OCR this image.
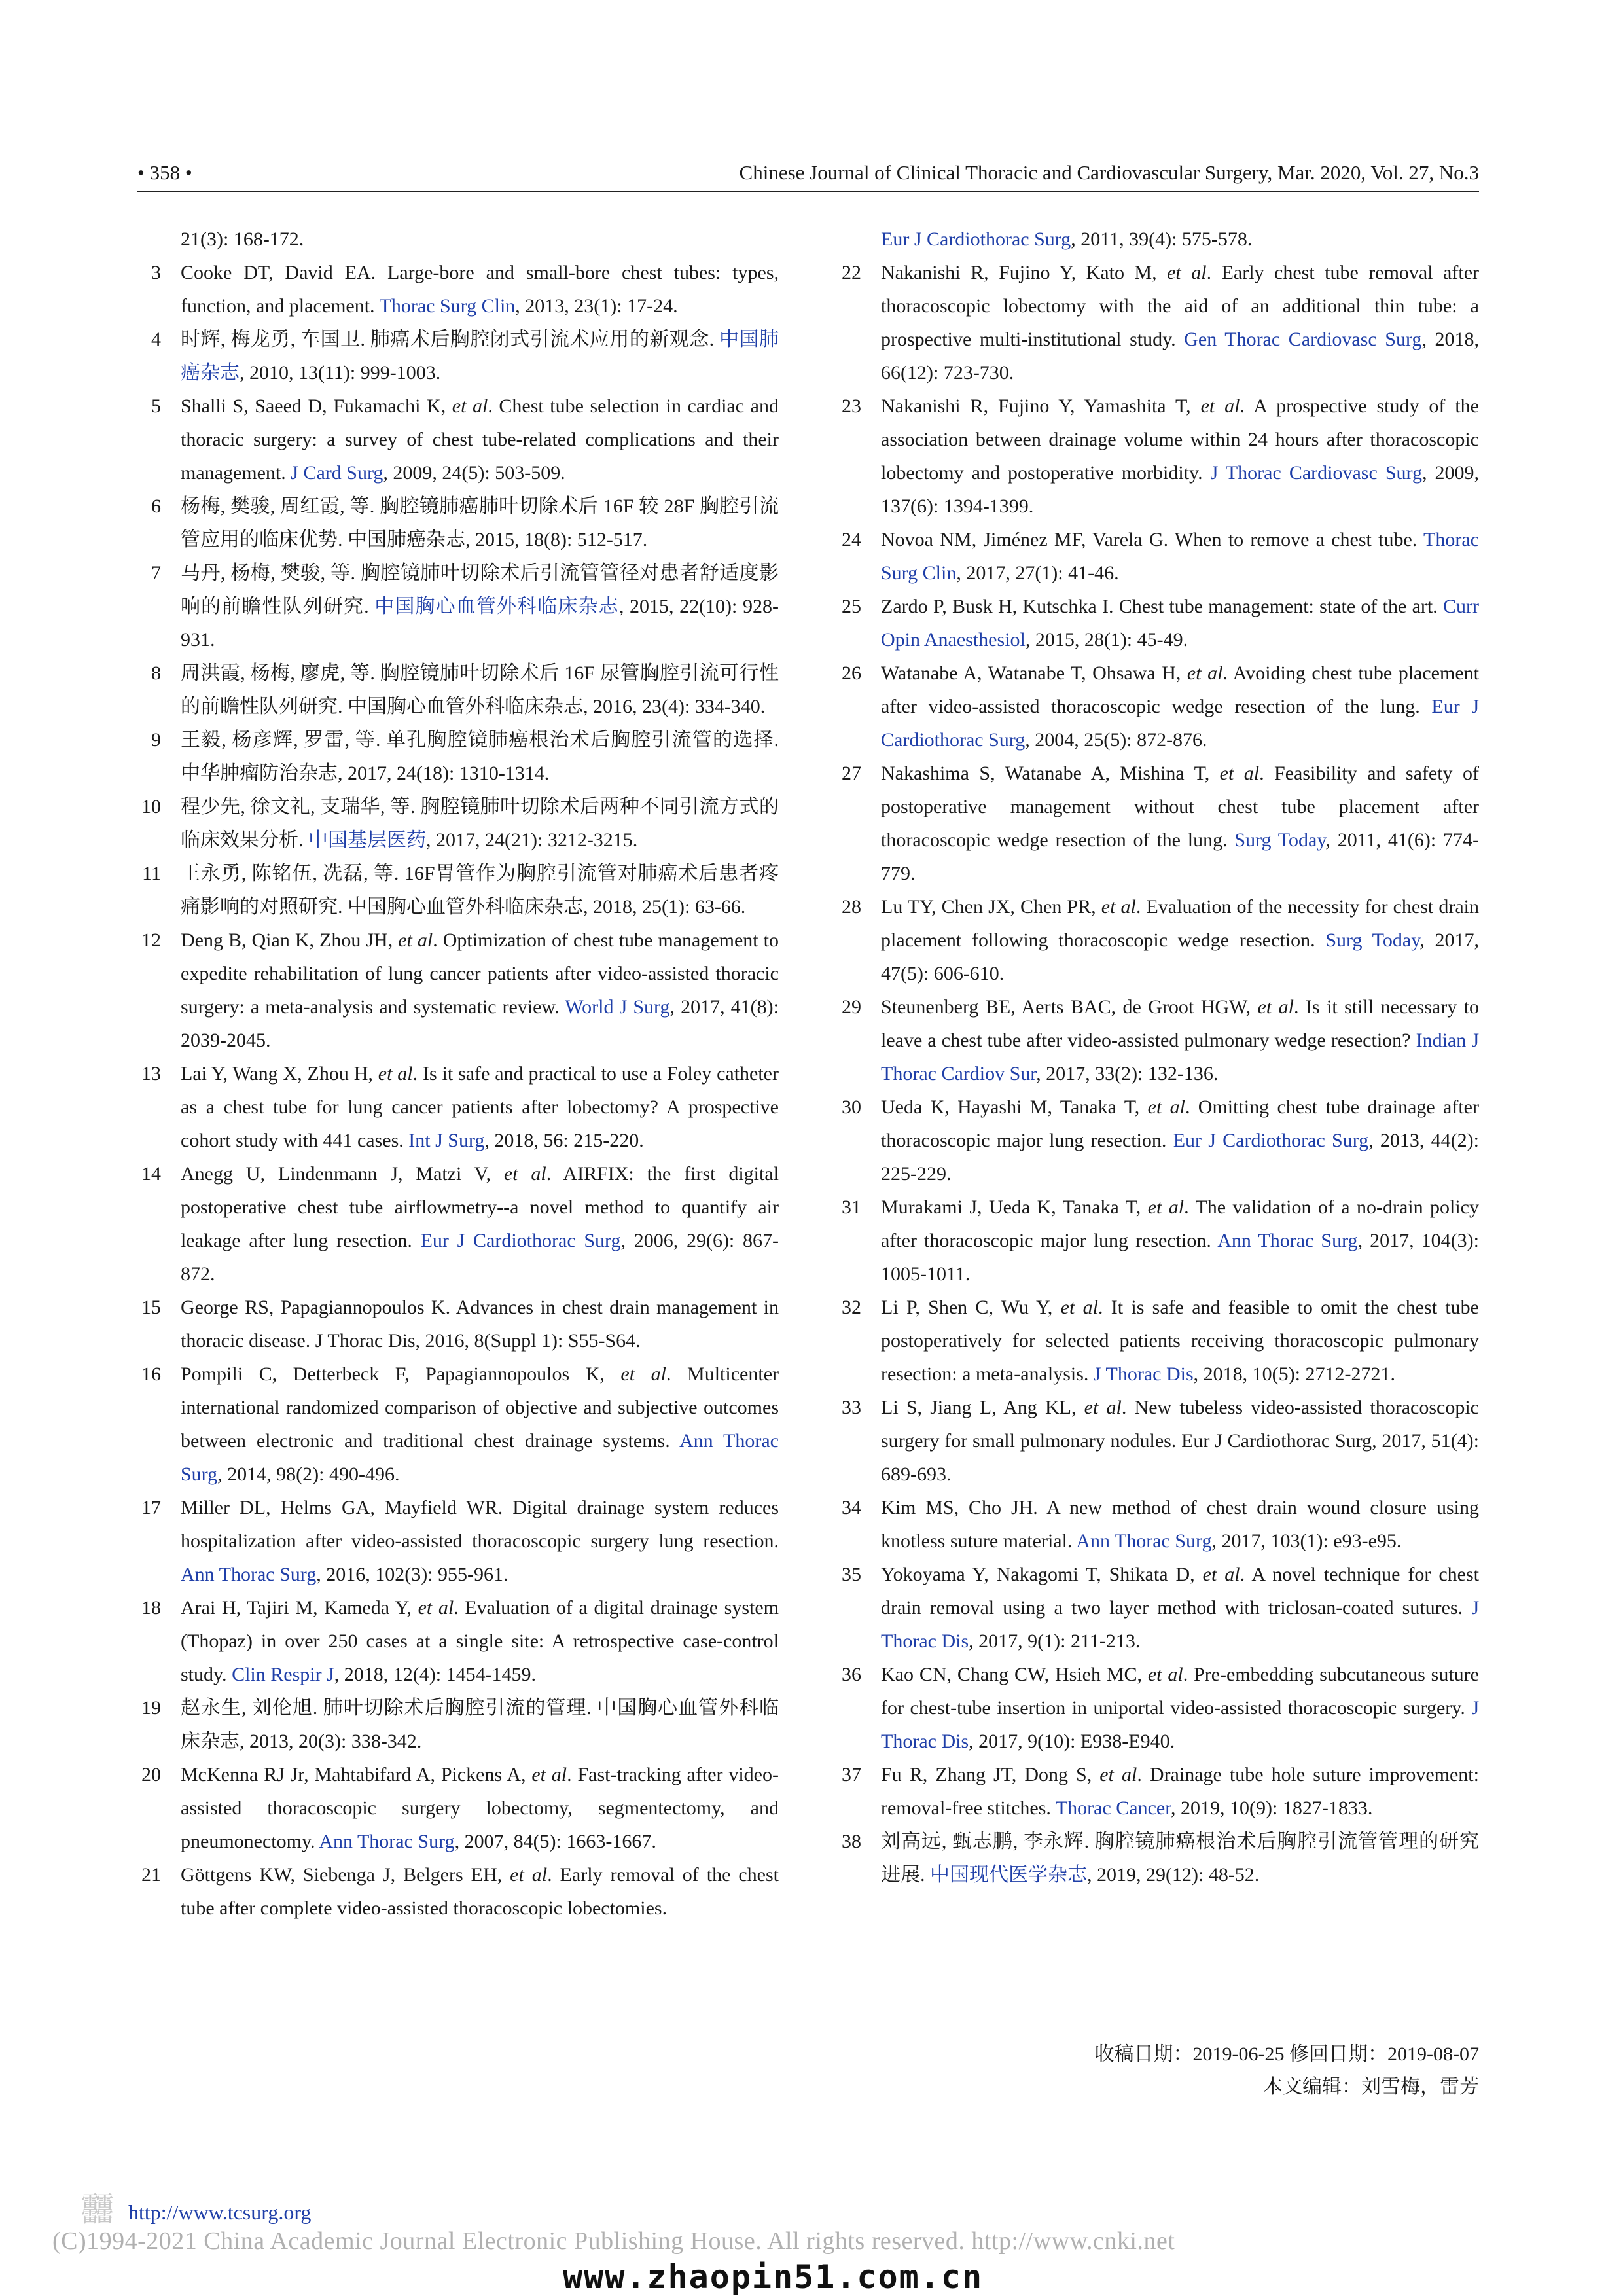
• 358 •	Chinese Journal of Clinical Thoracic and Cardiovascular Surgery, Mar. 2020, Vol. 27, No.3
21(3): 168-172.
3 Cooke DT, David EA. Large-bore and small-bore chest tubes: types, function, and placement. Thorac Surg Clin, 2013, 23(1): 17-24.
4 时辉, 梅龙勇, 车国卫. 肺癌术后胸腔闭式引流术应用的新观念. 中国肺癌杂志, 2010, 13(11): 999-1003.
5 Shalli S, Saeed D, Fukamachi K, et al. Chest tube selection in cardiac and thoracic surgery: a survey of chest tube-related complications and their management. J Card Surg, 2009, 24(5): 503-509.
6 杨梅, 樊骏, 周红霞, 等. 胸腔镜肺癌肺叶切除术后 16F 较 28F 胸腔引流管应用的临床优势. 中国肺癌杂志, 2015, 18(8): 512-517.
7 马丹, 杨梅, 樊骏, 等. 胸腔镜肺叶切除术后引流管管径对患者舒适度影响的前瞻性队列研究. 中国胸心血管外科临床杂志, 2015, 22(10): 928-931.
8 周洪霞, 杨梅, 廖虎, 等. 胸腔镜肺叶切除术后 16F 尿管胸腔引流可行性的前瞻性队列研究. 中国胸心血管外科临床杂志, 2016, 23(4): 334-340.
9 王毅, 杨彦辉, 罗雷, 等. 单孔胸腔镜肺癌根治术后胸腔引流管的选择. 中华肿瘤防治杂志, 2017, 24(18): 1310-1314.
10 程少先, 徐文礼, 支瑞华, 等. 胸腔镜肺叶切除术后两种不同引流方式的临床效果分析. 中国基层医药, 2017, 24(21): 3212-3215.
11 王永勇, 陈铭伍, 冼磊, 等. 16F胃管作为胸腔引流管对肺癌术后患者疼痛影响的对照研究. 中国胸心血管外科临床杂志, 2018, 25(1): 63-66.
12 Deng B, Qian K, Zhou JH, et al. Optimization of chest tube management to expedite rehabilitation of lung cancer patients after video-assisted thoracic surgery: a meta-analysis and systematic review. World J Surg, 2017, 41(8): 2039-2045.
13 Lai Y, Wang X, Zhou H, et al. Is it safe and practical to use a Foley catheter as a chest tube for lung cancer patients after lobectomy? A prospective cohort study with 441 cases. Int J Surg, 2018, 56: 215-220.
14 Anegg U, Lindenmann J, Matzi V, et al. AIRFIX: the first digital postoperative chest tube airflowmetry--a novel method to quantify air leakage after lung resection. Eur J Cardiothorac Surg, 2006, 29(6): 867-872.
15 George RS, Papagiannopoulos K. Advances in chest drain management in thoracic disease. J Thorac Dis, 2016, 8(Suppl 1): S55-S64.
16 Pompili C, Detterbeck F, Papagiannopoulos K, et al. Multicenter international randomized comparison of objective and subjective outcomes between electronic and traditional chest drainage systems. Ann Thorac Surg, 2014, 98(2): 490-496.
17 Miller DL, Helms GA, Mayfield WR. Digital drainage system reduces hospitalization after video-assisted thoracoscopic surgery lung resection. Ann Thorac Surg, 2016, 102(3): 955-961.
18 Arai H, Tajiri M, Kameda Y, et al. Evaluation of a digital drainage system (Thopaz) in over 250 cases at a single site: A retrospective case-control study. Clin Respir J, 2018, 12(4): 1454-1459.
19 赵永生, 刘伦旭. 肺叶切除术后胸腔引流的管理. 中国胸心血管外科临床杂志, 2013, 20(3): 338-342.
20 McKenna RJ Jr, Mahtabifard A, Pickens A, et al. Fast-tracking after video-assisted thoracoscopic surgery lobectomy, segmentectomy, and pneumonectomy. Ann Thorac Surg, 2007, 84(5): 1663-1667.
21 Göttgens KW, Siebenga J, Belgers EH, et al. Early removal of the chest tube after complete video-assisted thoracoscopic lobectomies.
Eur J Cardiothorac Surg, 2011, 39(4): 575-578.
22 Nakanishi R, Fujino Y, Kato M, et al. Early chest tube removal after thoracoscopic lobectomy with the aid of an additional thin tube: a prospective multi-institutional study. Gen Thorac Cardiovasc Surg, 2018, 66(12): 723-730.
23 Nakanishi R, Fujino Y, Yamashita T, et al. A prospective study of the association between drainage volume within 24 hours after thoracoscopic lobectomy and postoperative morbidity. J Thorac Cardiovasc Surg, 2009, 137(6): 1394-1399.
24 Novoa NM, Jiménez MF, Varela G. When to remove a chest tube. Thorac Surg Clin, 2017, 27(1): 41-46.
25 Zardo P, Busk H, Kutschka I. Chest tube management: state of the art. Curr Opin Anaesthesiol, 2015, 28(1): 45-49.
26 Watanabe A, Watanabe T, Ohsawa H, et al. Avoiding chest tube placement after video-assisted thoracoscopic wedge resection of the lung. Eur J Cardiothorac Surg, 2004, 25(5): 872-876.
27 Nakashima S, Watanabe A, Mishina T, et al. Feasibility and safety of postoperative management without chest tube placement after thoracoscopic wedge resection of the lung. Surg Today, 2011, 41(6): 774-779.
28 Lu TY, Chen JX, Chen PR, et al. Evaluation of the necessity for chest drain placement following thoracoscopic wedge resection. Surg Today, 2017, 47(5): 606-610.
29 Steunenberg BE, Aerts BAC, de Groot HGW, et al. Is it still necessary to leave a chest tube after video-assisted pulmonary wedge resection? Indian J Thorac Cardiov Sur, 2017, 33(2): 132-136.
30 Ueda K, Hayashi M, Tanaka T, et al. Omitting chest tube drainage after thoracoscopic major lung resection. Eur J Cardiothorac Surg, 2013, 44(2): 225-229.
31 Murakami J, Ueda K, Tanaka T, et al. The validation of a no-drain policy after thoracoscopic major lung resection. Ann Thorac Surg, 2017, 104(3): 1005-1011.
32 Li P, Shen C, Wu Y, et al. It is safe and feasible to omit the chest tube postoperatively for selected patients receiving thoracoscopic pulmonary resection: a meta-analysis. J Thorac Dis, 2018, 10(5): 2712-2721.
33 Li S, Jiang L, Ang KL, et al. New tubeless video-assisted thoracoscopic surgery for small pulmonary nodules. Eur J Cardiothorac Surg, 2017, 51(4): 689-693.
34 Kim MS, Cho JH. A new method of chest drain wound closure using knotless suture material. Ann Thorac Surg, 2017, 103(1): e93-e95.
35 Yokoyama Y, Nakagomi T, Shikata D, et al. A novel technique for chest drain removal using a two layer method with triclosan-coated sutures. J Thorac Dis, 2017, 9(1): 211-213.
36 Kao CN, Chang CW, Hsieh MC, et al. Pre-embedding subcutaneous suture for chest-tube insertion in uniportal video-assisted thoracoscopic surgery. J Thorac Dis, 2017, 9(10): E938-E940.
37 Fu R, Zhang JT, Dong S, et al. Drainage tube hole suture improvement: removal-free stitches. Thorac Cancer, 2019, 10(9): 1827-1833.
38 刘高远, 甄志鹏, 李永辉. 胸腔镜肺癌根治术后胸腔引流管管理的研究进展. 中国现代医学杂志, 2019, 29(12): 48-52.
收稿日期：2019-06-25 修回日期：2019-08-07
本文编辑：刘雪梅，雷芳
䨻 http://www.tcsurg.org
(C)1994-2021 China Academic Journal Electronic Publishing House. All rights reserved. http://www.cnki.net
www.zhaopin51.com.cn
